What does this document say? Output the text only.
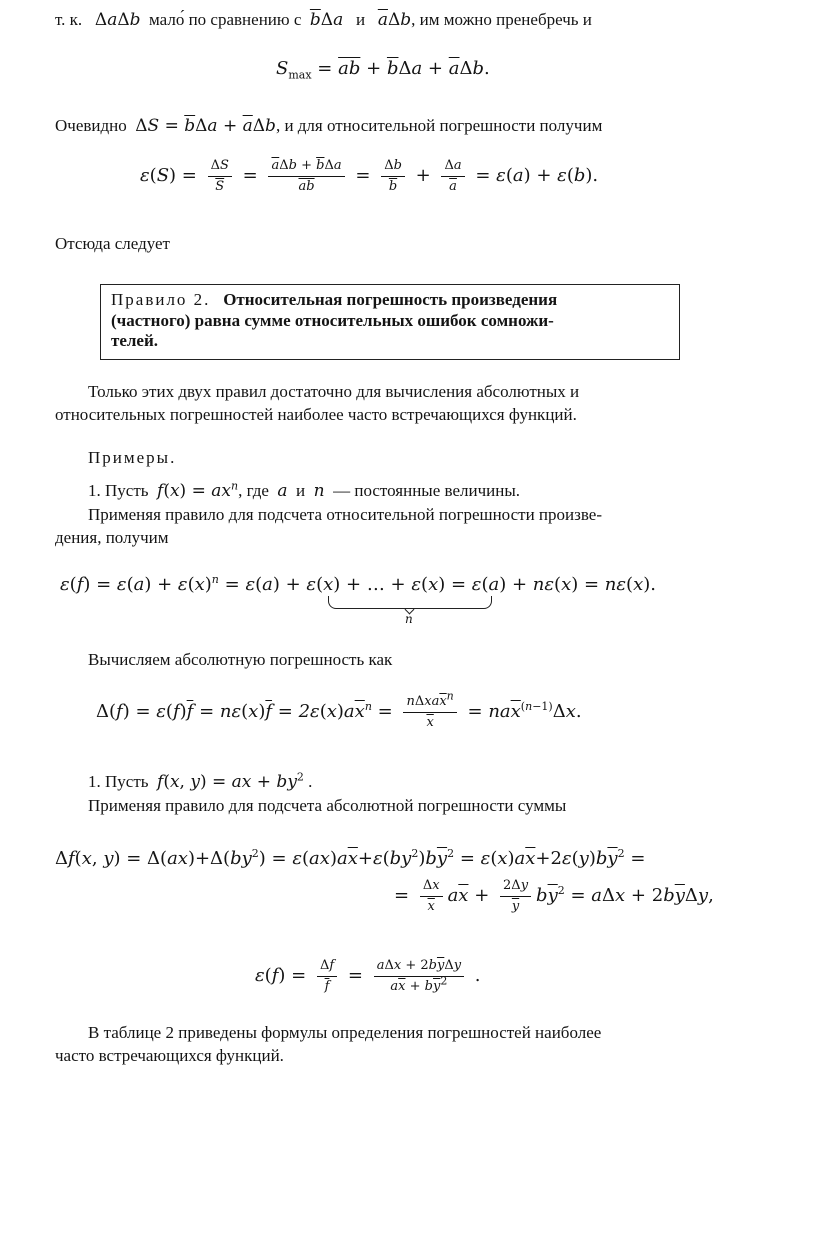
т. к. ΔaΔb мало́ по сравнению с $\overline{b}\Delta a$ и $\overline{a}\Delta b$, им можно пренебречь и
$S_{max} = \overline{ab} + \overline{b}\Delta a + \overline{a}\Delta b$.
Очевидно $\Delta S = \overline{b}\Delta a + \overline{a}\Delta b$, и для относительной погрешности получим
$\varepsilon(S) = \frac{\Delta S}{S} = \frac{\overline{a}\Delta b + \overline{b}\Delta a}{ab} = \frac{\Delta b}{b} + \frac{\Delta a}{a} = \varepsilon(a) + \varepsilon(b)$.
Отсюда следует
Правило 2. Относительная погрешность произведения
(частного) равна сумме относительных ошибок сомножи-
телей.
Только этих двух правил достаточно для вычисления абсолютных и
относительных погрешностей наиболее часто встречающихся функций.
Примеры.
1. Пусть $f(x) = ax^n$, где a и n — постоянные величины.
Применяя правило для подсчета относительной погрешности произве-
дения, получим
$\varepsilon(f) = \varepsilon(a) + \varepsilon(x)^n = \varepsilon(a) + \varepsilon(x)$ + … + ε(x) = ε(a) + nε(x) = nε(x).
n
Вычисляем абсолютную погрешность как
$\Delta(f) = \varepsilon(f)\overline{f} = n\varepsilon(x)\overline{f} = 2\varepsilon(x)a\overline{x}^n = \frac{n\Delta xa\overline{x}^n}{x} = na\overline{x}^{(n-1)}\Delta x$.
1. Пусть f(x, y) = ax + $by^2$ .
Применяя правило для подсчета абсолютной погрешности суммы
Δf(x, $y) = \Delta(ax)+\Delta(by^2) = \varepsilon(ax)a\overline{x}+\varepsilon(by^2)b\overline{y}^2 = \varepsilon(x)a\overline{x}+2\varepsilon(y)b\overline{y}^2$ =
= $\frac{\Delta x}{x} a\overline{x} + \frac{2\Delta y}{y} b\overline{y}^2 = a\Delta x + 2b\overline{y}\Delta y$,
$\varepsilon(f) = \frac{\Delta f}{f} = \frac{a\Delta x + 2b\overline{y}\Delta y}{a\overline{x} + b\overline{y}^2}$ .
В таблице 2 приведены формулы определения погрешностей наиболее
часто встречающихся функций.
